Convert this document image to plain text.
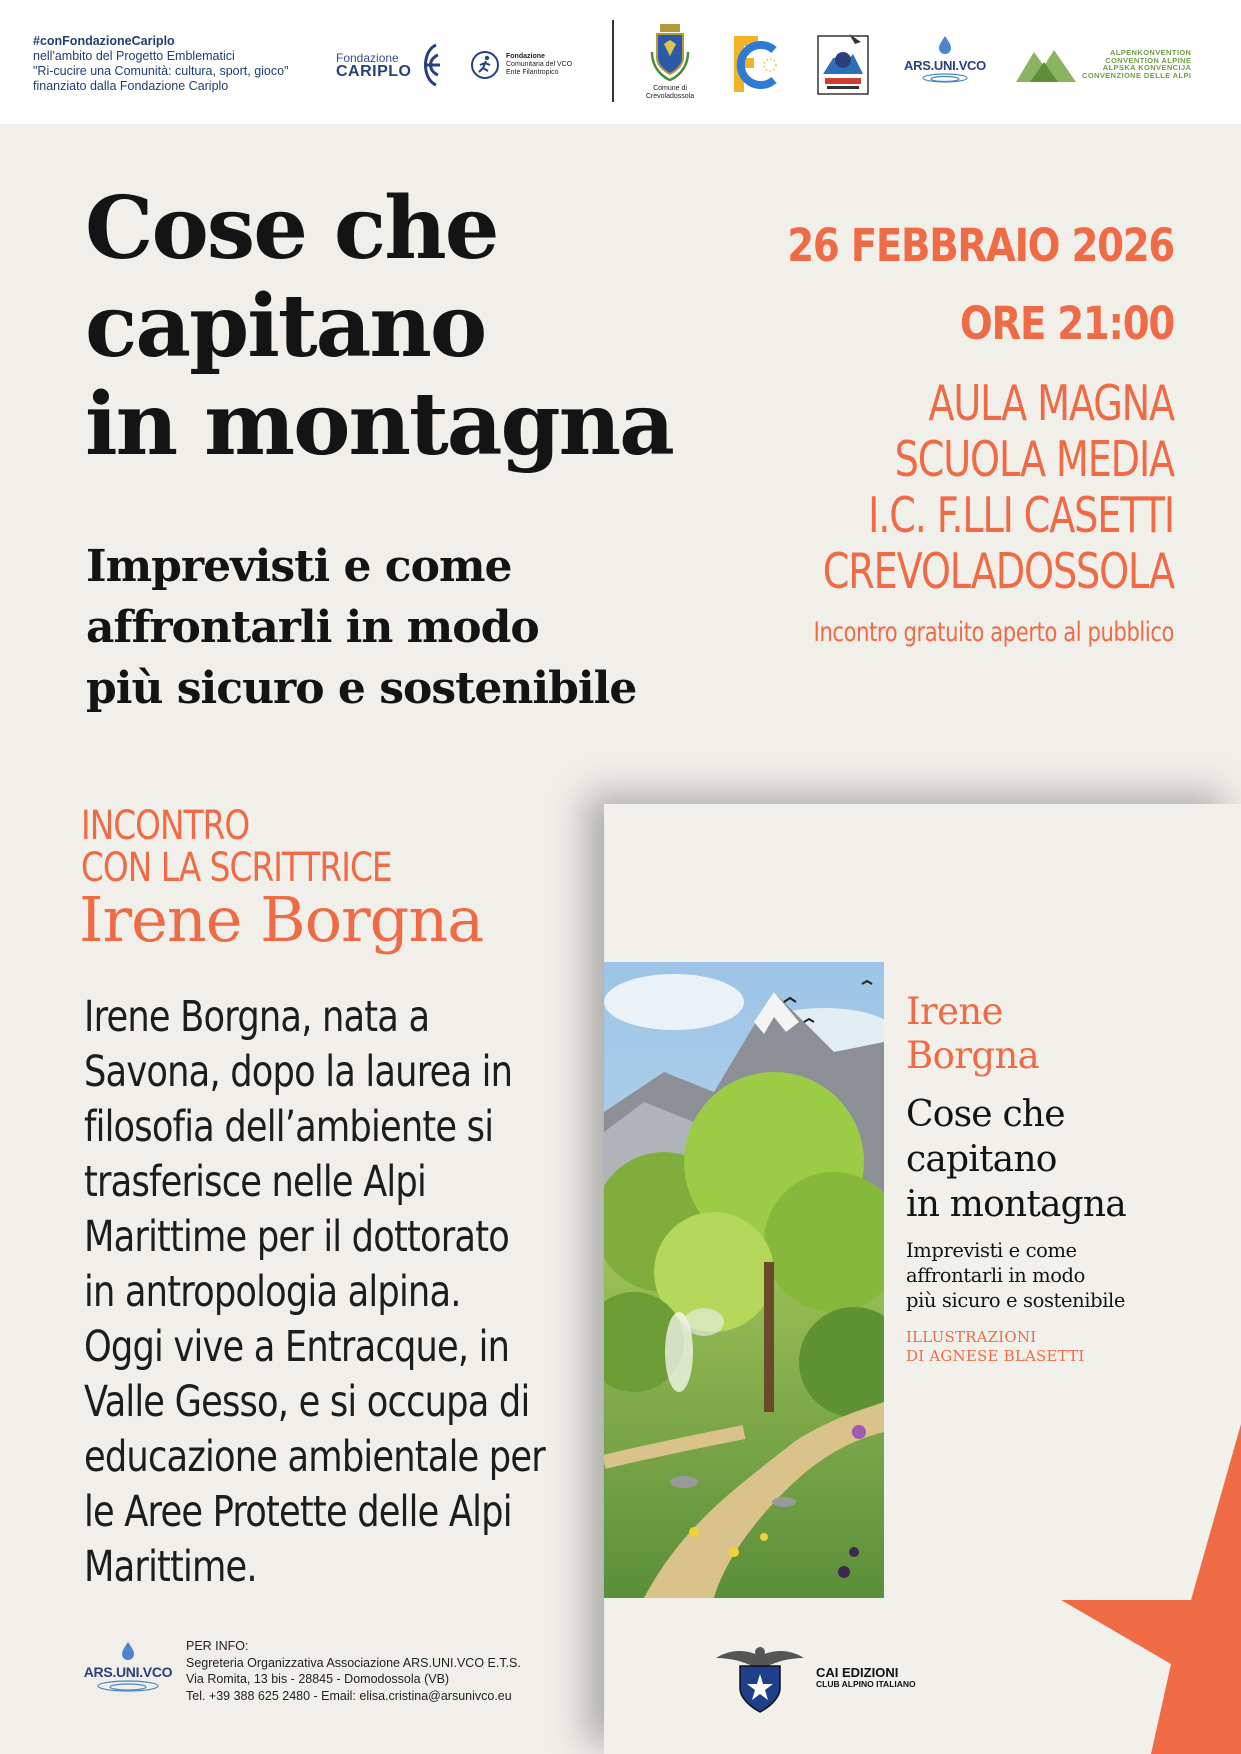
#conFondazioneCariplo
nell'ambito del Progetto Emblematici
"Ri-cucire una Comunità: cultura, sport, gioco"
finanziato dalla Fondazione Cariplo
Fondazione
CARIPLO
Fondazione
Comunitaria del VCO
Ente Filantropico
Comune di
Crevoladossola
ARS.UNI.VCO
ALPENKONVENTION
CONVENTION ALPINE
ALPSKA KONVENCIJA
CONVENZIONE DELLE ALPI
Cose che
capitano
in montagna
Imprevisti e come
affrontarli in modo
più sicuro e sostenibile
26 FEBBRAIO 2026
ORE 21:00
AULA MAGNA
SCUOLA MEDIA
I.C. F.LLI CASETTI
CREVOLADOSSOLA
Incontro gratuito aperto al pubblico
INCONTRO
CON LA SCRITTRICE
Irene Borgna
Irene Borgna, nata a
Savona, dopo la laurea in
filosofia dell’ambiente si
trasferisce nelle Alpi
Marittime per il dottorato
in antropologia alpina.
Oggi vive a Entracque, in
Valle Gesso, e si occupa di
educazione ambientale per
le Aree Protette delle Alpi
Marittime.
Irene
Borgna
Cose che
capitano
in montagna
Imprevisti e come
affrontarli in modo
più sicuro e sostenibile
ILLUSTRAZIONI
DI AGNESE BLASETTI
CAI EDIZIONI
CLUB ALPINO ITALIANO
ARS.UNI.VCO
PER INFO:
Segreteria Organizzativa Associazione ARS.UNI.VCO E.T.S.
Via Romita, 13 bis - 28845 - Domodossola (VB)
Tel. +39 388 625 2480 - Email: elisa.cristina@arsunivco.eu
